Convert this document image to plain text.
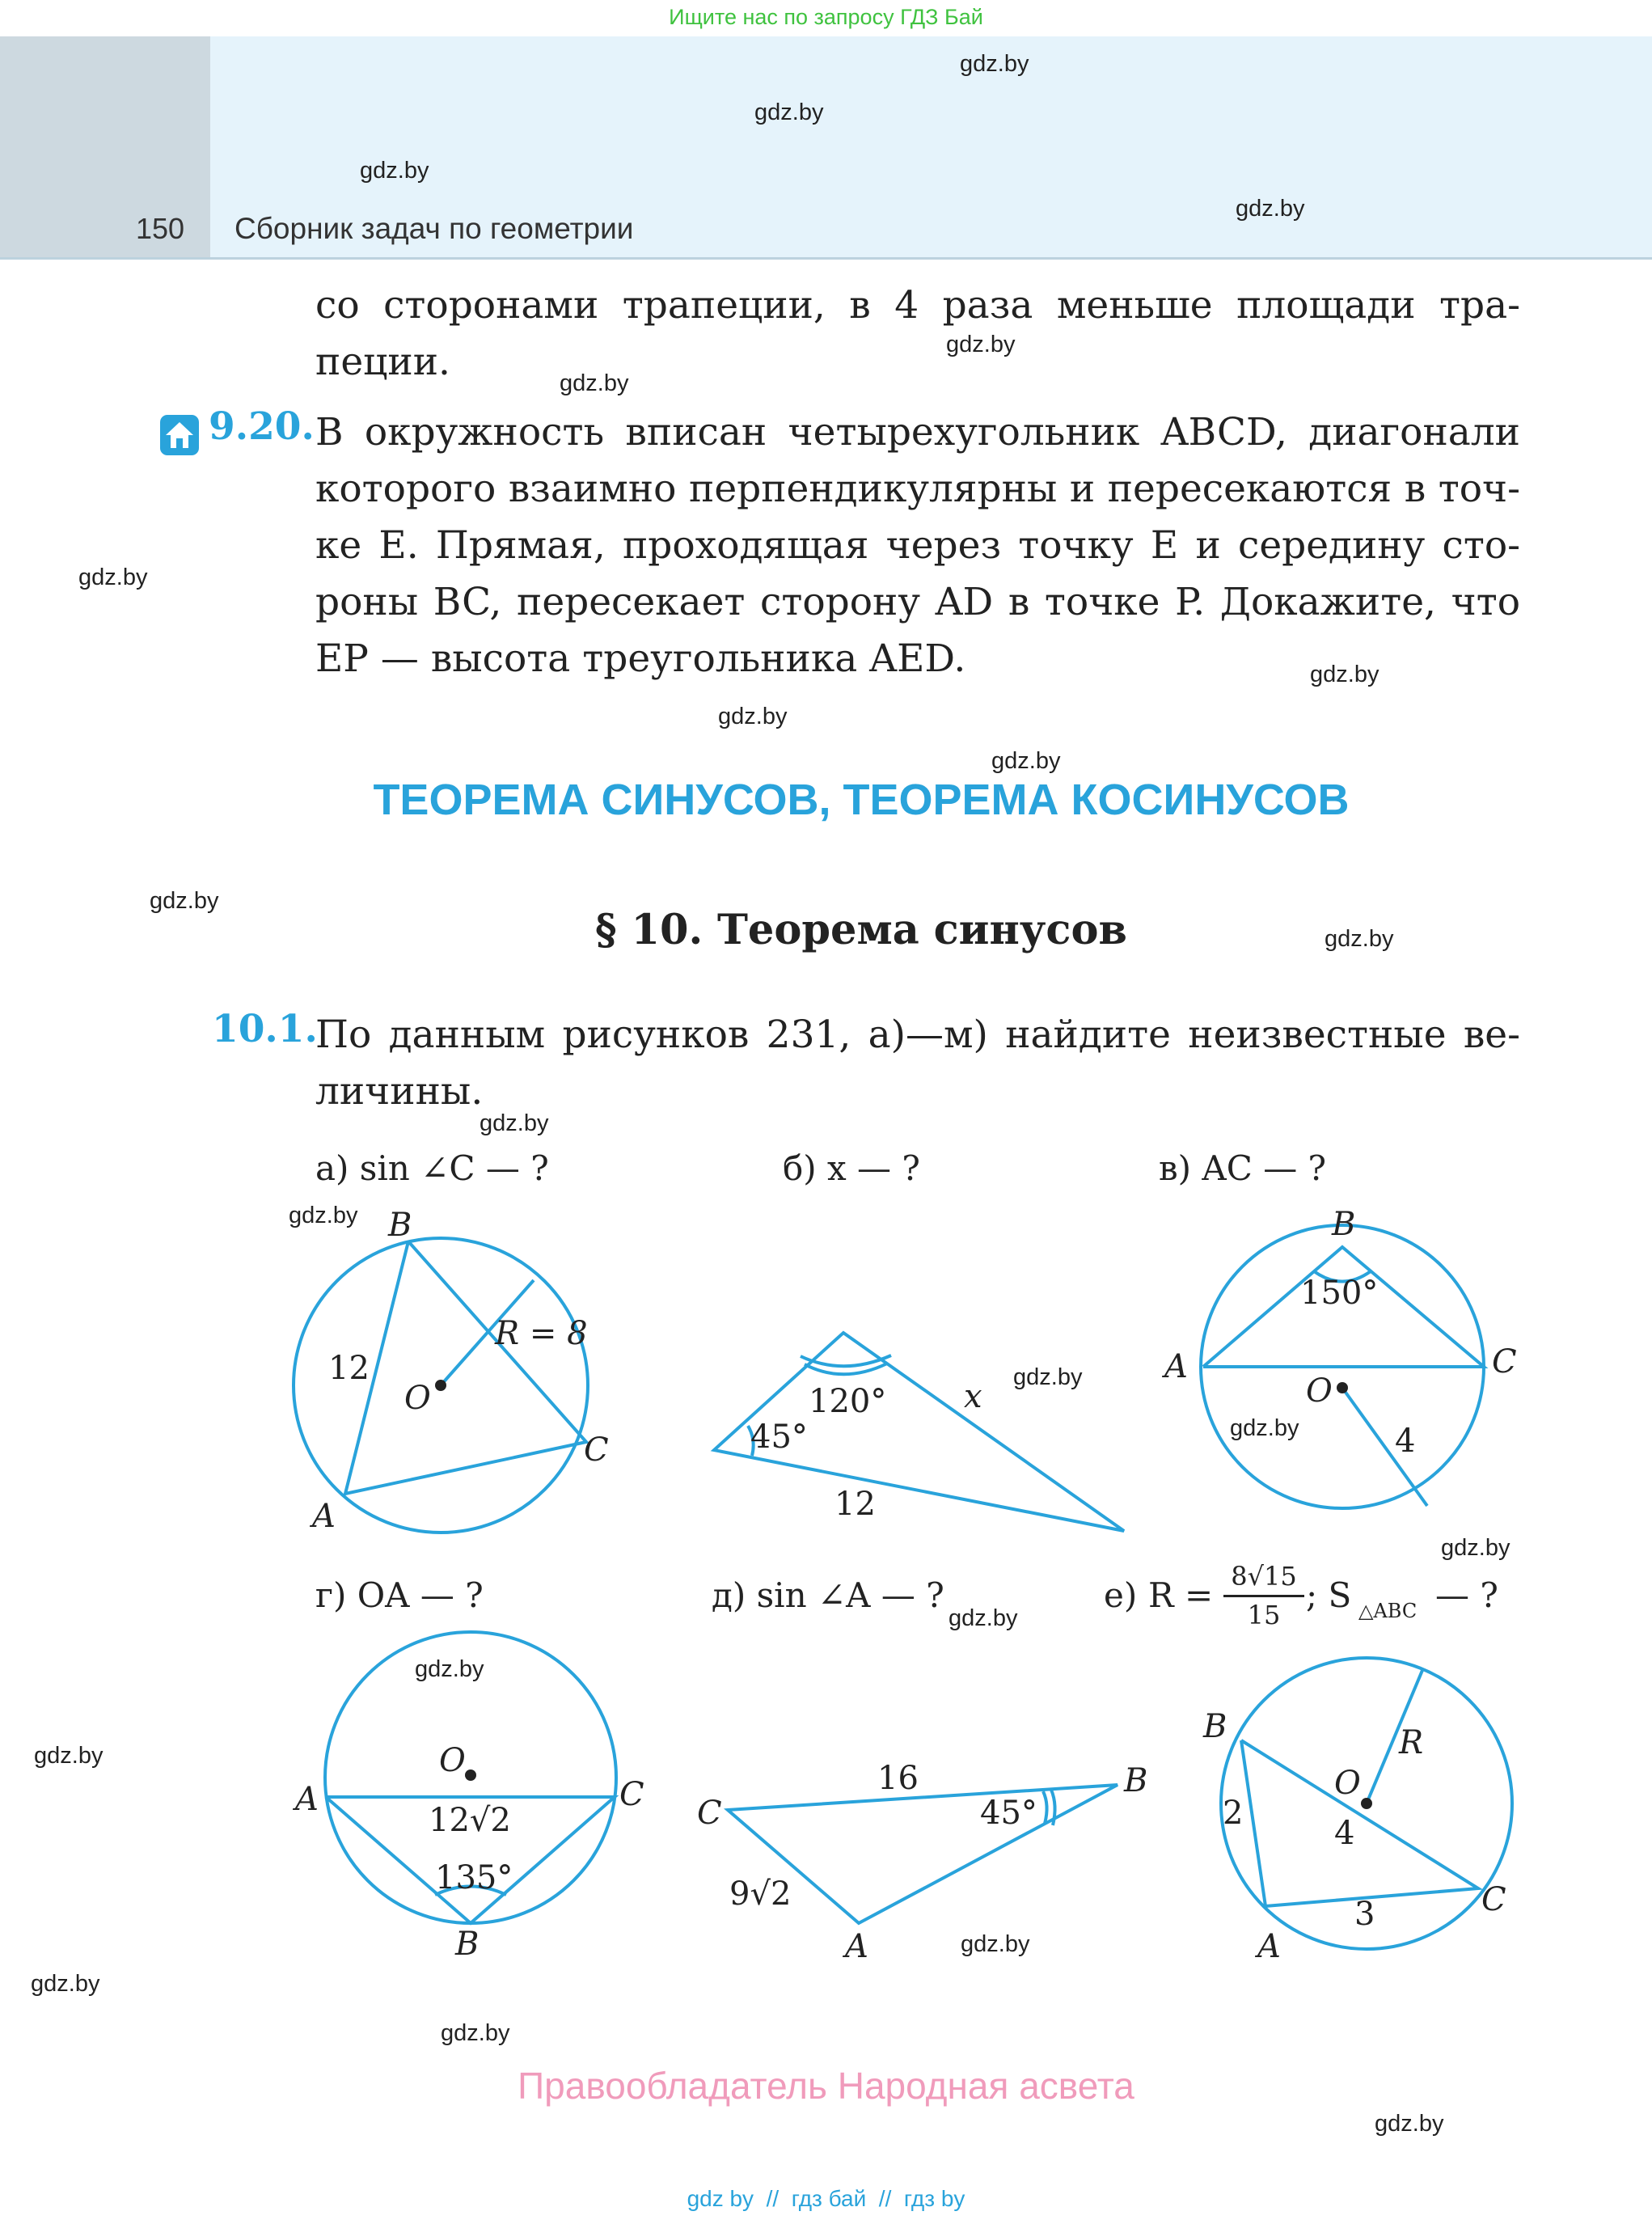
Ищите нас по запросу ГДЗ Бай
150 Сборник задач по геометрии
gdz.by
gdz.by
gdz.by
gdz.by
gdz.by
gdz.by
gdz.by
gdz.by
gdz.by
gdz.by
gdz.by
gdz.by
gdz.by
gdz.by
gdz.by
gdz.by
gdz.by
gdz.by
gdz.by
gdz.by
gdz.by
gdz.by
gdz.by
gdz.by
со сторонами трапеции, в 4 раза меньше площади тра-
пеции.
9.20. В окружность вписан четырехугольник ABCD, диагонали
которого взаимно перпендикулярны и пересекаются в точ-
ке E. Прямая, проходящая через точку E и середину сто-
роны BC, пересекает сторону AD в точке P. Докажите, что
EP — высота треугольника AED.
ТЕОРЕМА СИНУСОВ, ТЕОРЕМА КОСИНУСОВ
§ 10. Теорема синусов
10.1.
По данным рисунков 231, а)—м) найдите неизвестные ве-
личины.
а) sin ∠C — ?	б) x — ?	в) AC — ?
г) OA — ?	д) sin ∠A — ?	е) R = 8√15
15 ; S △ABC — ?
B
A
C
O
12
R = 8
120°
45°
12
x
B
A	C
O
150°
4
A	C
B
O
12√2
135°
C
B
A
16
9√2
45°
B
A
C
O
R
2
3
4
Правообладатель Народная асвета
gdz by  //  гдз бай  //  гдз by
